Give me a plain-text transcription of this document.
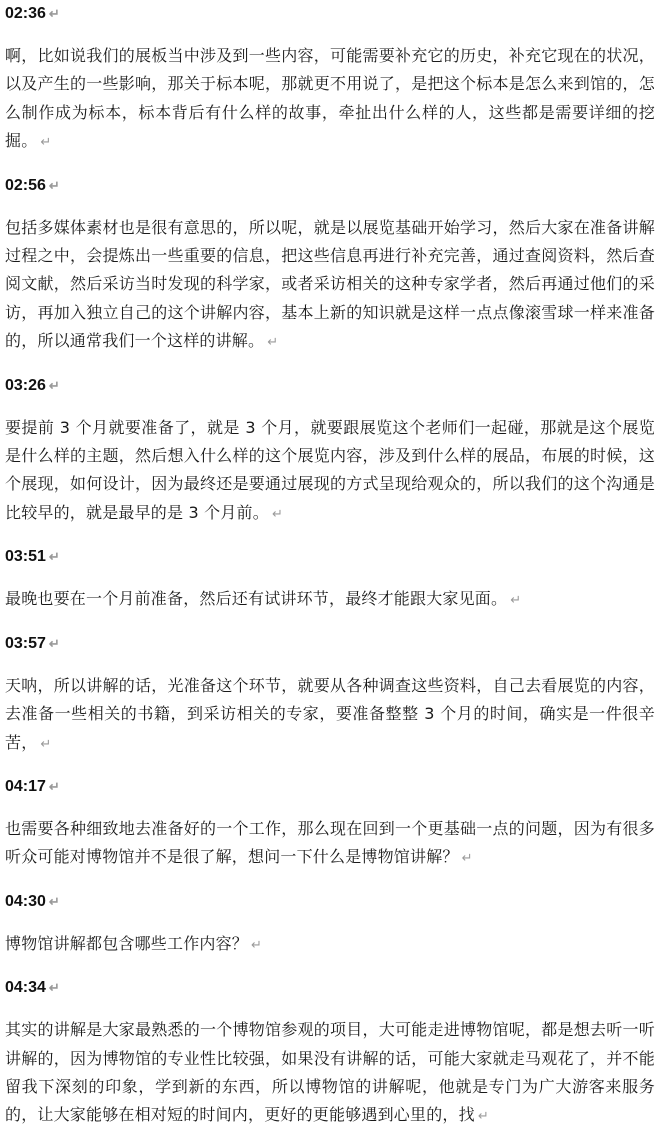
02:36 ↵

啊，比如说我们的展板当中涉及到一些内容，可能需要补充它的历史，补充它现在的状况，以及产生的一些影响，那关于标本呢，那就更不用说了，是把这个标本是怎么来到馆的，怎么制作成为标本，标本背后有什么样的故事，牵扯出什么样的人，这些都是需要详细的挖掘。 ↵

02:56 ↵

包括多媒体素材也是很有意思的，所以呢，就是以展览基础开始学习，然后大家在准备讲解过程之中，会提炼出一些重要的信息，把这些信息再进行补充完善，通过查阅资料，然后查阅文献，然后采访当时发现的科学家，或者采访相关的这种专家学者，然后再通过他们的采访，再加入独立自己的这个讲解内容，基本上新的知识就是这样一点点像滚雪球一样来准备的，所以通常我们一个这样的讲解。 ↵

03:26 ↵

要提前 3 个月就要准备了，就是 3 个月，就要跟展览这个老师们一起碰，那就是这个展览是什么样的主题，然后想入什么样的这个展览内容，涉及到什么样的展品，布展的时候，这个展现，如何设计，因为最终还是要通过展现的方式呈现给观众的，所以我们的这个沟通是比较早的，就是最早的是 3 个月前。 ↵

03:51 ↵

最晚也要在一个月前准备，然后还有试讲环节，最终才能跟大家见面。 ↵

03:57 ↵

天呐，所以讲解的话，光准备这个环节，就要从各种调查这些资料，自己去看展览的内容，去准备一些相关的书籍，到采访相关的专家，要准备整整 3 个月的时间，确实是一件很辛苦， ↵

04:17 ↵

也需要各种细致地去准备好的一个工作，那么现在回到一个更基础一点的问题，因为有很多听众可能对博物馆并不是很了解，想问一下什么是博物馆讲解？ ↵

04:30 ↵

博物馆讲解都包含哪些工作内容？ ↵

04:34 ↵

其实的讲解是大家最熟悉的一个博物馆参观的项目，大可能走进博物馆呢，都是想去听一听讲解的，因为博物馆的专业性比较强，如果没有讲解的话，可能大家就走马观花了，并不能留我下深刻的印象，学到新的东西，所以博物馆的讲解呢，他就是专门为广大游客来服务的，让大家能够在相对短的时间内，更好的更能够遇到心里的，找 ↵
